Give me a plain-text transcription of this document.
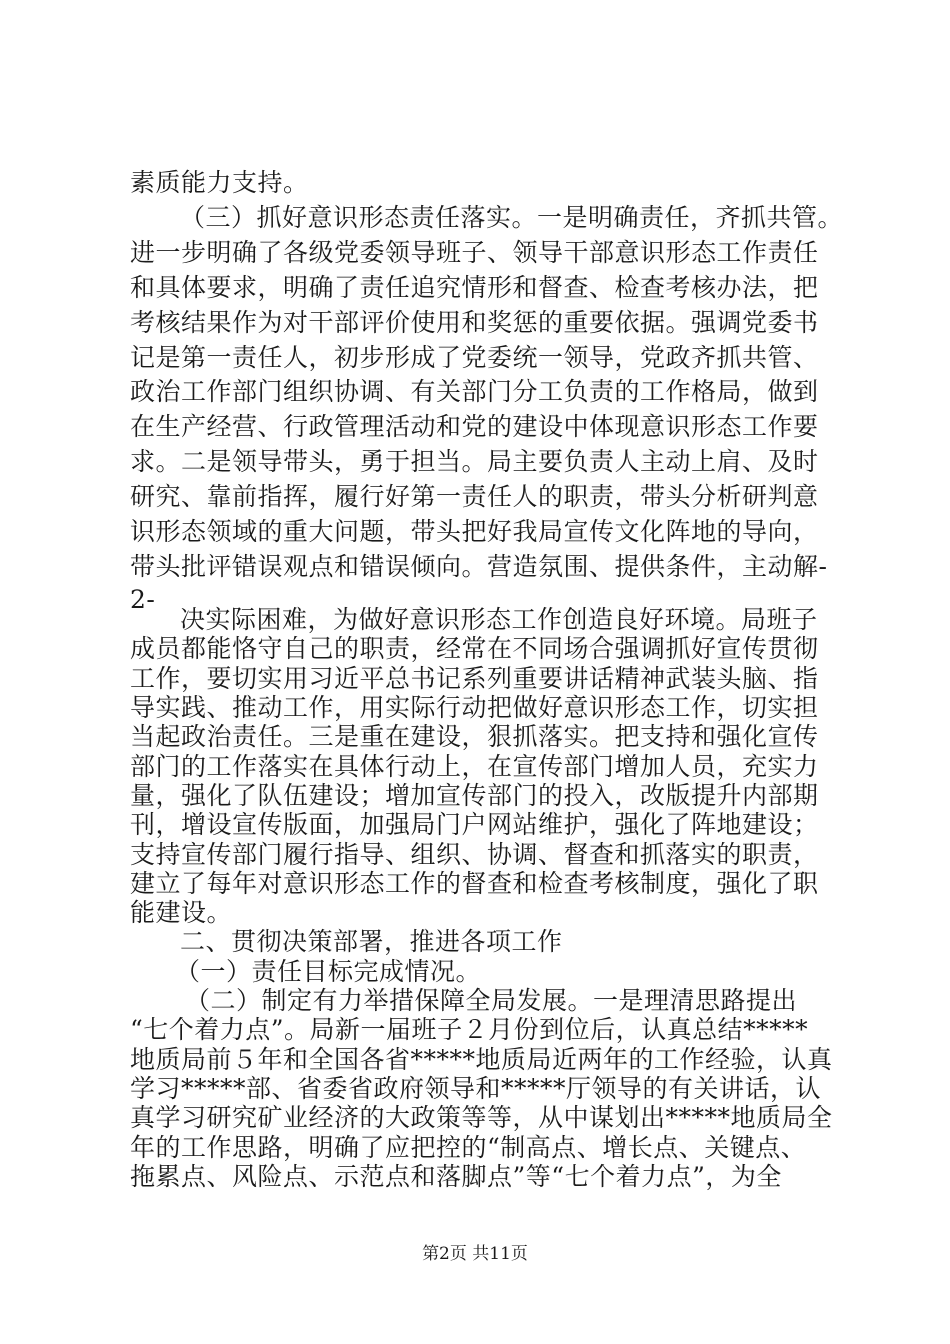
素质能力支持。
（三）抓好意识形态责任落实。一是明确责任，齐抓共管。
进一步明确了各级党委领导班子、领导干部意识形态工作责任
和具体要求，明确了责任追究情形和督查、检查考核办法，把
考核结果作为对干部评价使用和奖惩的重要依据。强调党委书
记是第一责任人，初步形成了党委统一领导，党政齐抓共管、
政治工作部门组织协调、有关部门分工负责的工作格局，做到
在生产经营、行政管理活动和党的建设中体现意识形态工作要
求。二是领导带头，勇于担当。局主要负责人主动上肩、及时
研究、靠前指挥，履行好第一责任人的职责，带头分析研判意
识形态领域的重大问题，带头把好我局宣传文化阵地的导向，
带头批评错误观点和错误倾向。营造氛围、提供条件，主动解-
2-
决实际困难，为做好意识形态工作创造良好环境。局班子
成员都能恪守自己的职责，经常在不同场合强调抓好宣传贯彻
工作，要切实用习近平总书记系列重要讲话精神武装头脑、指
导实践、推动工作，用实际行动把做好意识形态工作，切实担
当起政治责任。三是重在建设，狠抓落实。把支持和强化宣传
部门的工作落实在具体行动上，在宣传部门增加人员，充实力
量，强化了队伍建设；增加宣传部门的投入，改版提升内部期
刊，增设宣传版面，加强局门户网站维护，强化了阵地建设；
支持宣传部门履行指导、组织、协调、督查和抓落实的职责，
建立了每年对意识形态工作的督查和检查考核制度，强化了职
能建设。
二、贯彻决策部署，推进各项工作
（一）责任目标完成情况。
（二）制定有力举措保障全局发展。一是理清思路提出
“七个着力点”。局新一届班子２月份到位后，认真总结*****
地质局前５年和全国各省*****地质局近两年的工作经验，认真
学习*****部、省委省政府领导和*****厅领导的有关讲话，认
真学习研究矿业经济的大政策等等，从中谋划出*****地质局全
年的工作思路，明确了应把控的“制高点、增长点、关键点、
拖累点、风险点、示范点和落脚点”等“七个着力点”，为全
第2页 共11页
